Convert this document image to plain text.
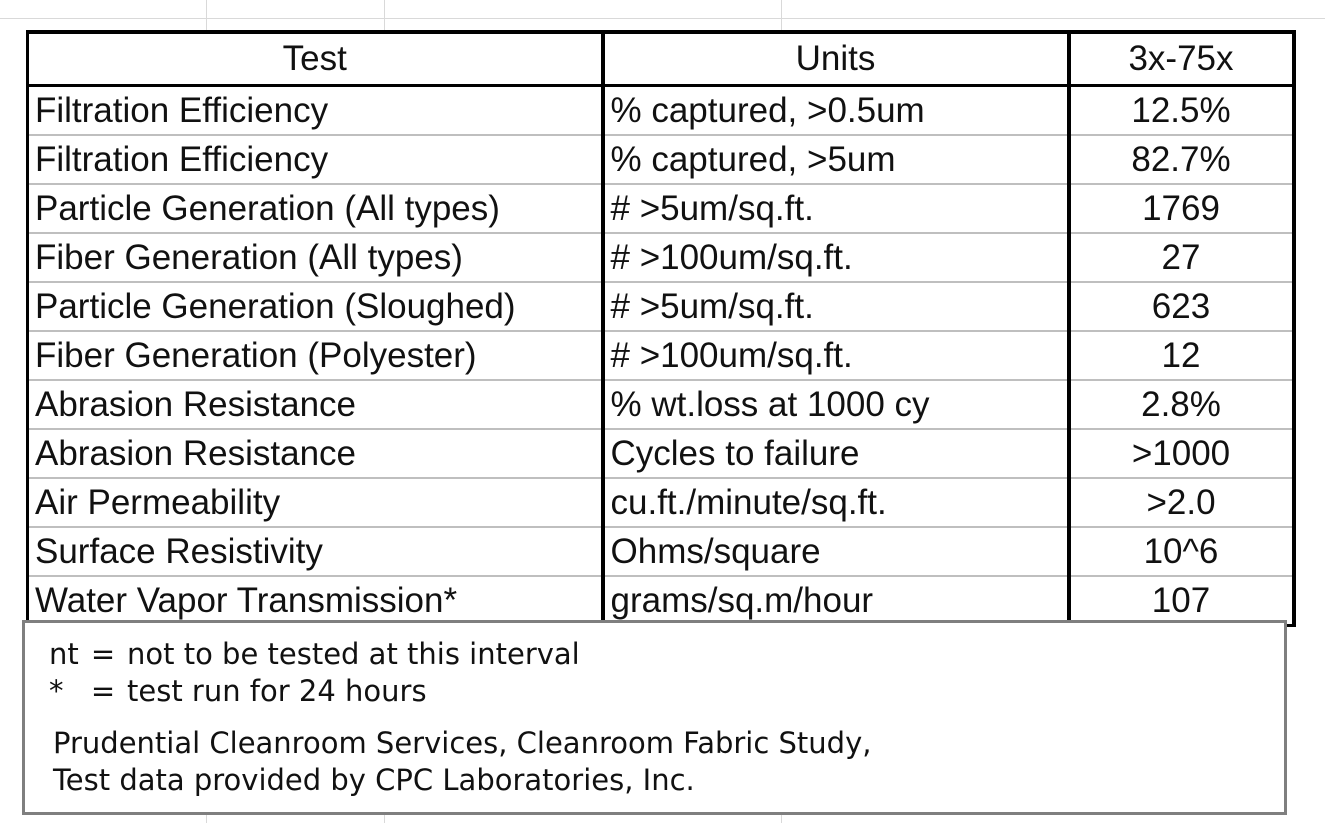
Test	Units	3x-75x
Filtration Efficiency	% captured, >0.5um	12.5%
Filtration Efficiency	% captured, >5um	82.7%
Particle Generation (All types)	# >5um/sq.ft.	1769
Fiber Generation (All types)	# >100um/sq.ft.	27
Particle Generation (Sloughed)	# >5um/sq.ft.	623
Fiber Generation (Polyester)	# >100um/sq.ft.	12
Abrasion Resistance	% wt.loss at 1000 cy	2.8%
Abrasion Resistance	Cycles to failure	>1000
Air Permeability	cu.ft./minute/sq.ft.	>2.0
Surface Resistivity	Ohms/square	10^6
Water Vapor Transmission*	grams/sq.m/hour	107
nt = not to be tested at this interval
* = test run for 24 hours
Prudential Cleanroom Services, Cleanroom Fabric Study,
Test data provided by CPC Laboratories, Inc.
